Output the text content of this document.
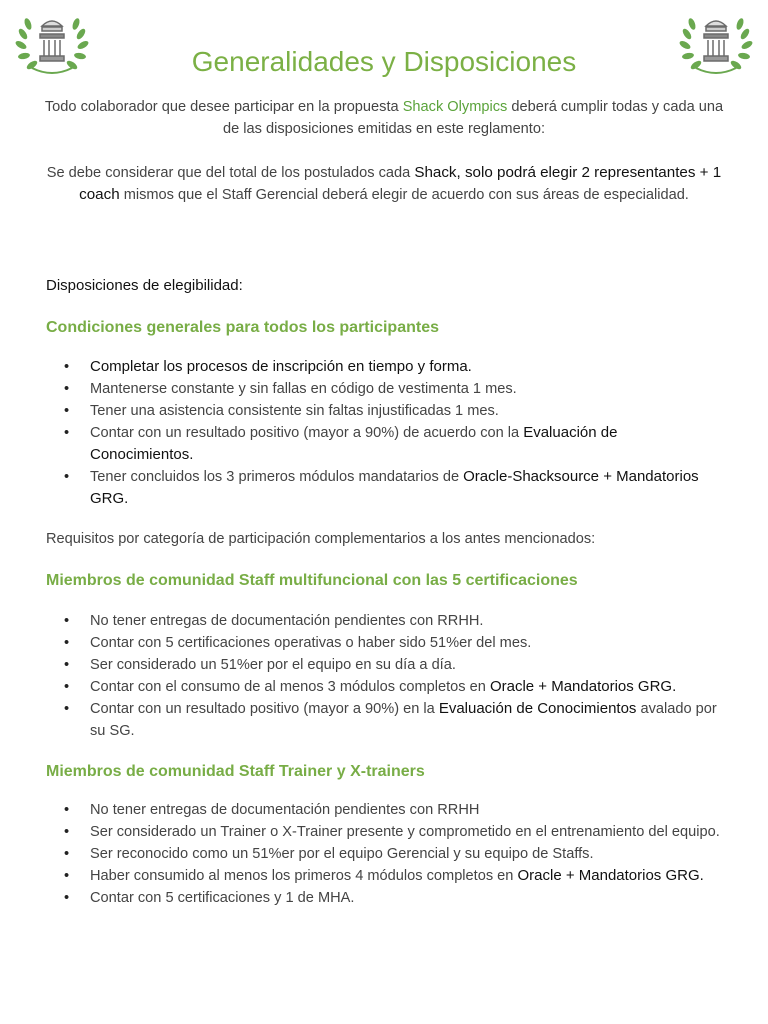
Generalidades y Disposiciones

Todo colaborador que desee participar en la propuesta Shack Olympics deberá cumplir todas y cada una de las disposiciones emitidas en este reglamento:

Se debe considerar que del total de los postulados cada Shack, solo podrá elegir 2 representantes + 1 coach mismos que el Staff Gerencial deberá elegir de acuerdo con sus áreas de especialidad.

Disposiciones de elegibilidad:
Condiciones generales para todos los participantes
• Completar los procesos de inscripción en tiempo y forma.
• Mantenerse constante y sin fallas en código de vestimenta 1 mes.
• Tener una asistencia consistente sin faltas injustificadas 1 mes.
• Contar con un resultado positivo (mayor a 90%) de acuerdo con la Evaluación de Conocimientos.
• Tener concluidos los 3 primeros módulos mandatarios de Oracle-Shacksource + Mandatorios GRG.
Requisitos por categoría de participación complementarios a los antes mencionados:
Miembros de comunidad Staff multifuncional con las 5 certificaciones
• No tener entregas de documentación pendientes con RRHH.
• Contar con 5 certificaciones operativas o haber sido 51%er del mes.
• Ser considerado un 51%er por el equipo en su día a día.
• Contar con el consumo de al menos 3 módulos completos en Oracle + Mandatorios GRG.
• Contar con un resultado positivo (mayor a 90%) en la Evaluación de Conocimientos avalado por su SG.
Miembros de comunidad Staff Trainer y X-trainers
• No tener entregas de documentación pendientes con RRHH
• Ser considerado un Trainer o X-Trainer presente y comprometido en el entrenamiento del equipo.
• Ser reconocido como un 51%er por el equipo Gerencial y su equipo de Staffs.
• Haber consumido al menos los primeros 4 módulos completos en Oracle + Mandatorios GRG.
• Contar con 5 certificaciones y 1 de MHA.
